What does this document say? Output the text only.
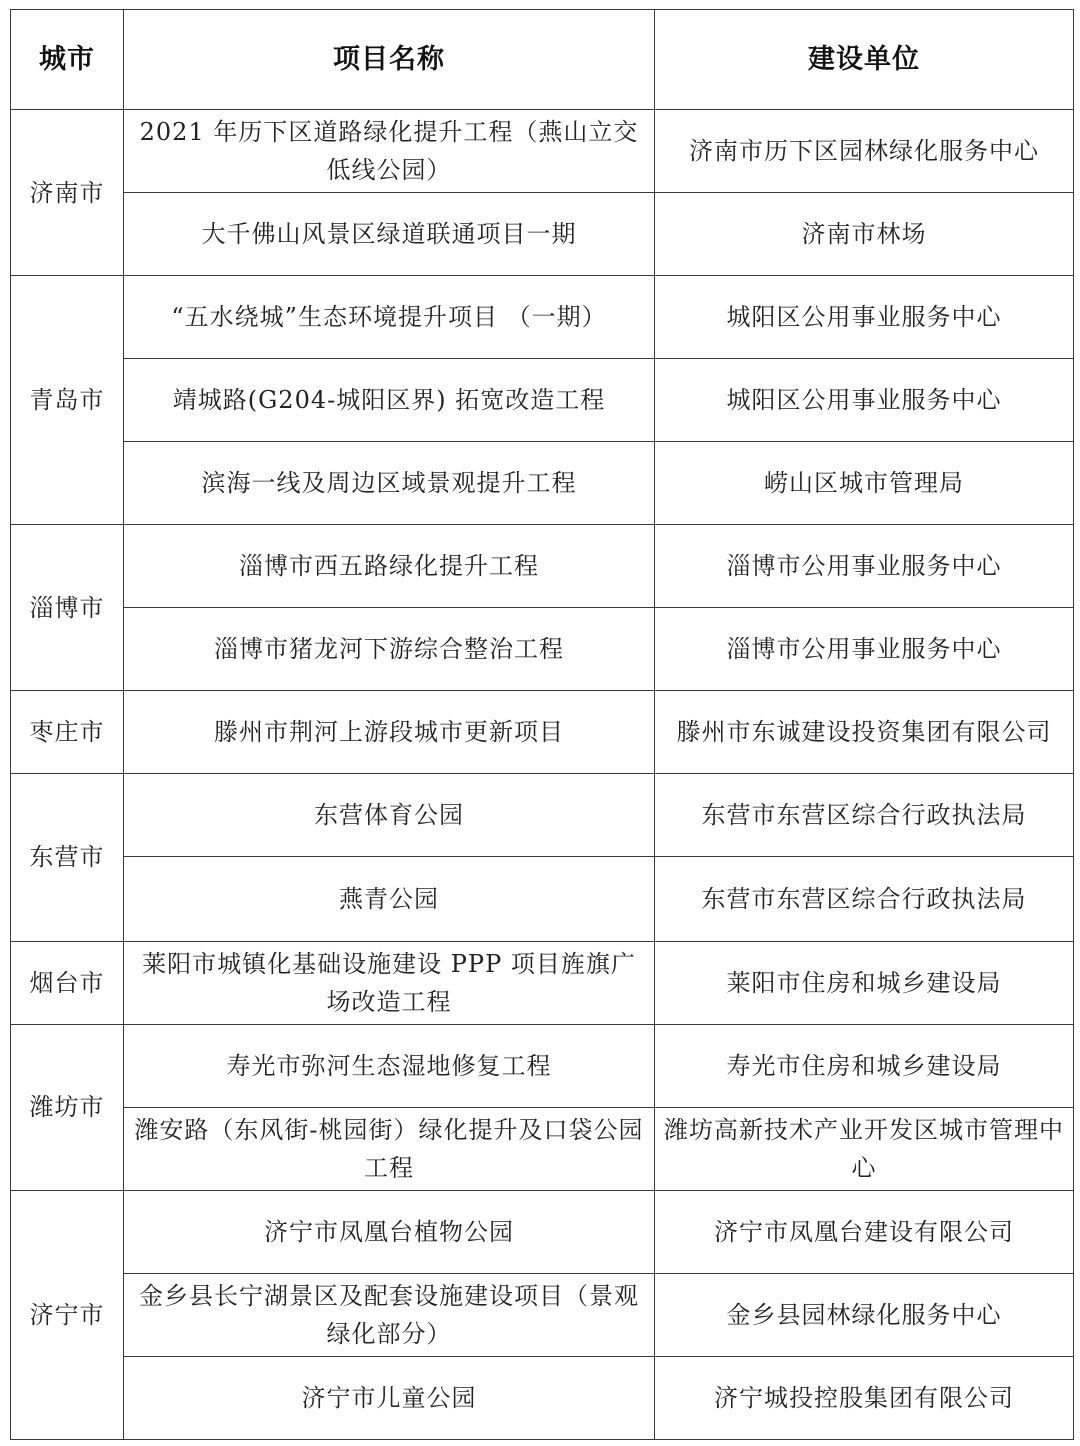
城市	项目名称	建设单位
济南市	2021 年历下区道路绿化提升工程（燕山立交低线公园）	济南市历下区园林绿化服务中心
	大千佛山风景区绿道联通项目一期	济南市林场
青岛市	“五水绕城”生态环境提升项目 （一期）	城阳区公用事业服务中心
	靖城路(G204-城阳区界) 拓宽改造工程	城阳区公用事业服务中心
	滨海一线及周边区域景观提升工程	崂山区城市管理局
淄博市	淄博市西五路绿化提升工程	淄博市公用事业服务中心
	淄博市猪龙河下游综合整治工程	淄博市公用事业服务中心
枣庄市	滕州市荆河上游段城市更新项目	滕州市东诚建设投资集团有限公司
东营市	东营体育公园	东营市东营区综合行政执法局
	燕青公园	东营市东营区综合行政执法局
烟台市	莱阳市城镇化基础设施建设 PPP 项目旌旗广场改造工程	莱阳市住房和城乡建设局
潍坊市	寿光市弥河生态湿地修复工程	寿光市住房和城乡建设局
	潍安路（东风街-桃园街）绿化提升及口袋公园工程	潍坊高新技术产业开发区城市管理中心
济宁市	济宁市凤凰台植物公园	济宁市凤凰台建设有限公司
	金乡县长宁湖景区及配套设施建设项目（景观绿化部分）	金乡县园林绿化服务中心
	济宁市儿童公园	济宁城投控股集团有限公司
